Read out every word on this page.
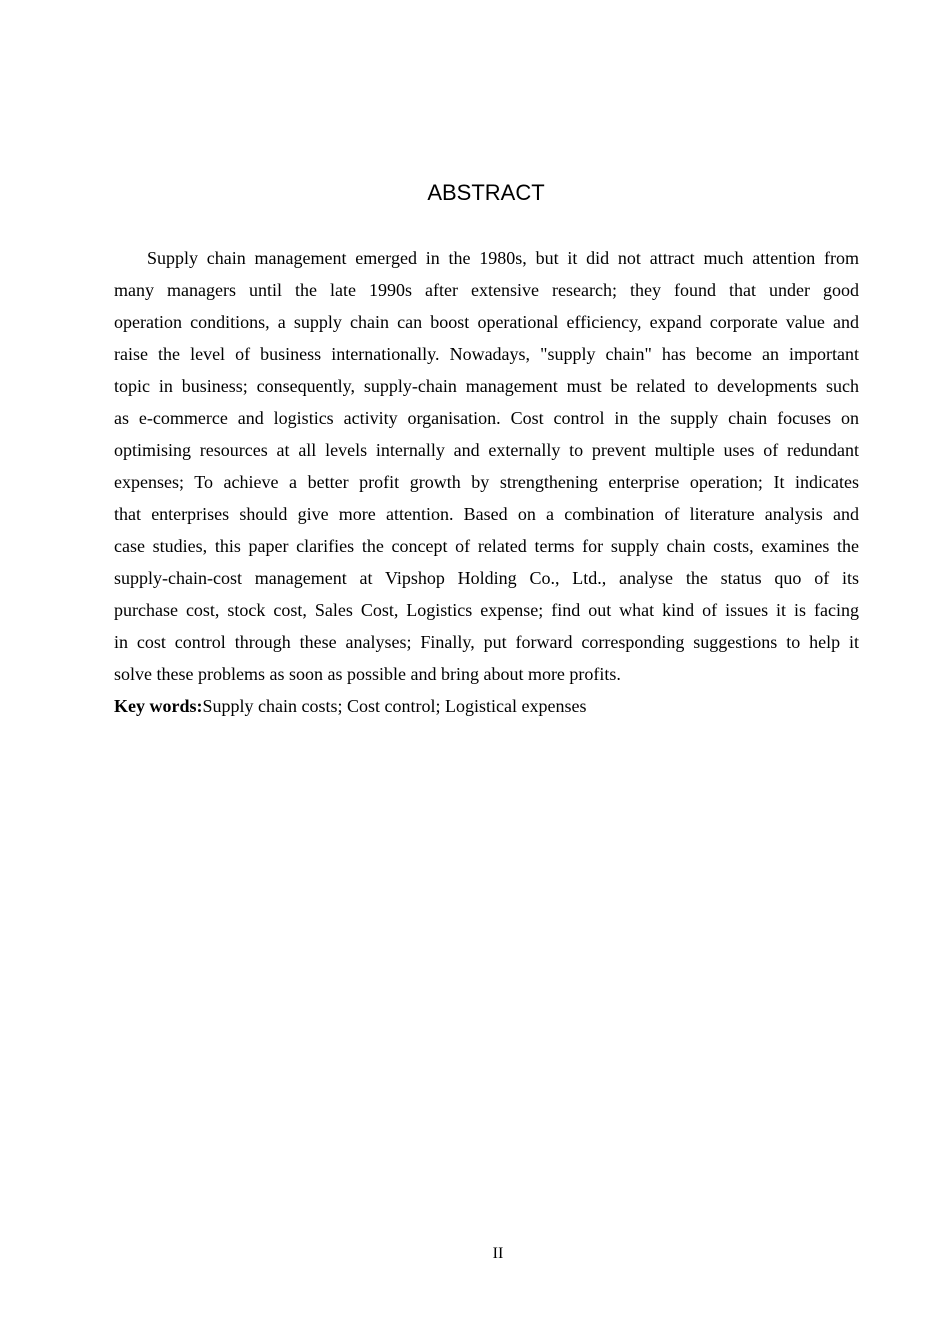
ABSTRACT
Supply chain management emerged in the 1980s, but it did not attract much attention from
many managers until the late 1990s after extensive research; they found that under good
operation conditions, a supply chain can boost operational efficiency, expand corporate value and
raise the level of business internationally. Nowadays, "supply chain" has become an important
topic in business; consequently, supply-chain management must be related to developments such
as e-commerce and logistics activity organisation. Cost control in the supply chain focuses on
optimising resources at all levels internally and externally to prevent multiple uses of redundant
expenses; To achieve a better profit growth by strengthening enterprise operation; It indicates
that enterprises should give more attention. Based on a combination of literature analysis and
case studies, this paper clarifies the concept of related terms for supply chain costs, examines the
supply-chain-cost management at Vipshop Holding Co., Ltd., analyse the status quo of its
purchase cost, stock cost, Sales Cost, Logistics expense; find out what kind of issues it is facing
in cost control through these analyses; Finally, put forward corresponding suggestions to help it
solve these problems as soon as possible and bring about more profits.
Key words:Supply chain costs; Cost control; Logistical expenses
II
